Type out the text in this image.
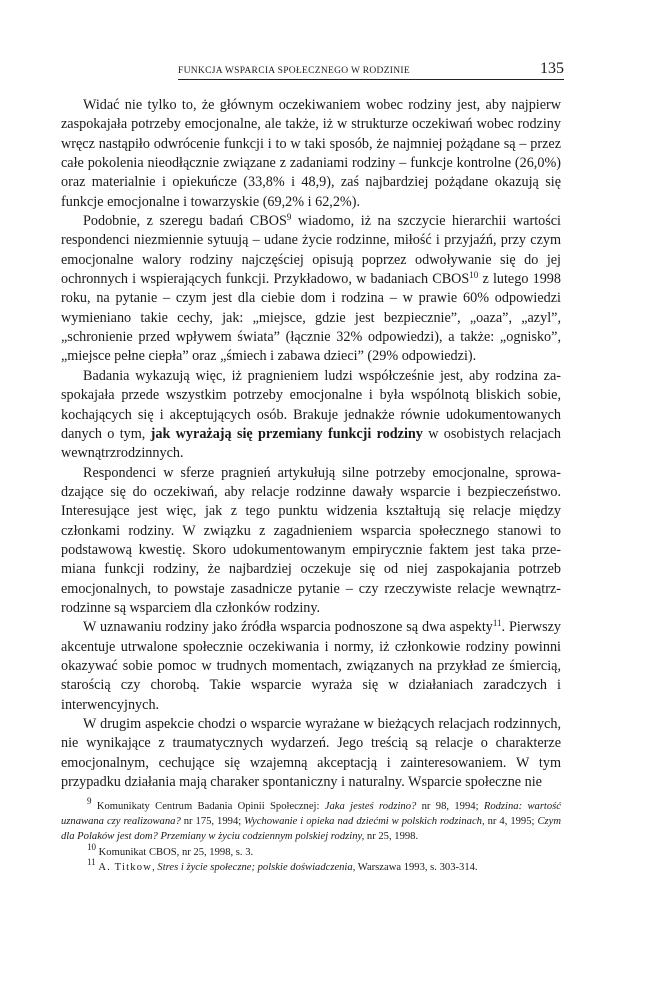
FUNKCJA WSPARCIA SPOŁECZNEGO W RODZINIE	135

Widać nie tylko to, że głównym oczekiwaniem wobec rodziny jest, aby najpierw zaspokajała potrzeby emocjonalne, ale także, iż w strukturze oczekiwań wobec rodziny wręcz nastąpiło odwrócenie funkcji i to w taki sposób, że najmniej pożądane są – przez całe pokolenia nieodłącznie związane z zadaniami rodziny – funkcje kontrolne (26,0%) oraz materialnie i opiekuńcze (33,8% i 48,9), zaś najbardziej pożądane okazują się funkcje emocjonalne i towarzyskie (69,2% i 62,2%).

Podobnie, z szeregu badań CBOS$^9$ wiadomo, iż na szczycie hierarchii wartości respondenci niezmiennie sytuują – udane życie rodzinne, miłość i przyjaźń, przy czym emocjonalne walory rodziny najczęściej opisują poprzez odwoływanie się do jej ochronnych i wspierających funkcji. Przykładowo, w badaniach CBOS$^{10}$ z lutego 1998 roku, na pytanie – czym jest dla ciebie dom i rodzina – w prawie 60% odpowiedzi wymieniano takie cechy, jak: „miejsce, gdzie jest bezpiecznie”, „oaza”, „azyl”, „schronienie przed wpływem świata” (łącznie 32% odpowiedzi), a także: „ognisko”, „miejsce pełne ciepła” oraz „śmiech i zabawa dzieci” (29% odpowiedzi).

Badania wykazują więc, iż pragnieniem ludzi współcześnie jest, aby rodzina zaspokajała przede wszystkim potrzeby emocjonalne i była wspólnotą bliskich sobie, kochających się i akceptujących osób. Brakuje jednakże równie udokumentowanych danych o tym, jak wyrażają się przemiany funkcji rodziny w osobistych relacjach wewnątrzrodzinnych.

Respondenci w sferze pragnień artykułują silne potrzeby emocjonalne, sprowadzające się do oczekiwań, aby relacje rodzinne dawały wsparcie i bezpieczeństwo. Interesujące jest więc, jak z tego punktu widzenia kształtują się relacje między członkami rodziny. W związku z zagadnieniem wsparcia społecznego stanowi to podstawową kwestię. Skoro udokumentowanym empirycznie faktem jest taka przemiana funkcji rodziny, że najbardziej oczekuje się od niej zaspokajania potrzeb emocjonalnych, to powstaje zasadnicze pytanie – czy rzeczywiste relacje wewnątrzrodzinne są wsparciem dla członków rodziny.

W uznawaniu rodziny jako źródła wsparcia podnoszone są dwa aspekty$^{11}$. Pierwszy akcentuje utrwalone społecznie oczekiwania i normy, iż członkowie rodziny powinni okazywać sobie pomoc w trudnych momentach, związanych na przykład ze śmiercią, starością czy chorobą. Takie wsparcie wyraża się w działaniach zaradczych i interwencyjnych.

W drugim aspekcie chodzi o wsparcie wyrażane w bieżących relacjach rodzinnych, nie wynikające z traumatycznych wydarzeń. Jego treścią są relacje o charakterze emocjonalnym, cechujące się wzajemną akceptacją i zainteresowaniem. W tym przypadku działania mają charaker spontaniczny i naturalny. Wsparcie społeczne nie

$^9$ Komunikaty Centrum Badania Opinii Społecznej: Jaka jesteś rodzino? nr 98, 1994; Rodzina: wartość uznawana czy realizowana? nr 175, 1994; Wychowanie i opieka nad dziećmi w polskich rodzinach, nr 4, 1995; Czym dla Polaków jest dom? Przemiany w życiu codziennym polskiej rodziny, nr 25, 1998.

$^{10}$ Komunikat CBOS, nr 25, 1998, s. 3.

$^{11}$ A. Titkow, Stres i życie społeczne; polskie doświadczenia, Warszawa 1993, s. 303-314.
